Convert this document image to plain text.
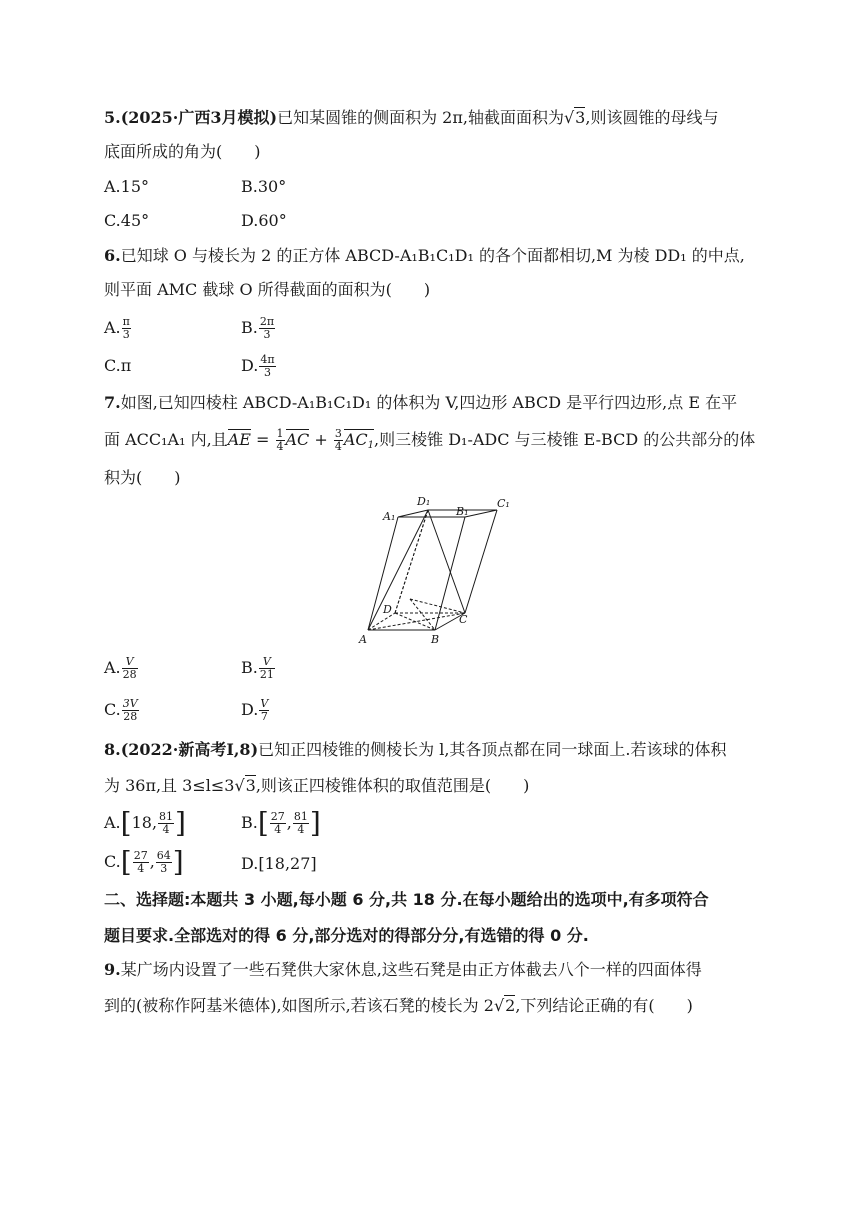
5.(2025·广西3月模拟)已知某圆锥的侧面积为 2π,轴截面面积为√3,则该圆锥的母线与
底面所成的角为(　　)
A.15°	B.30°
C.45°	D.60°
6.已知球 O 与棱长为 2 的正方体 ABCD-A₁B₁C₁D₁ 的各个面都相切,M 为棱 DD₁ 的中点,
则平面 AMC 截球 O 所得截面的面积为(　　)
A. $\frac{\pi}{3}$	B. $\frac{2\pi}{3}$
C.π	D. $\frac{4\pi}{3}$
7.如图,已知四棱柱 ABCD-A₁B₁C₁D₁ 的体积为 V,四边形 ABCD 是平行四边形,点 E 在平
面 ACC₁A₁ 内,且AE = $\frac{1}{4}$ AC + $\frac{3}{4} AC_1$,则三棱锥 D₁-ADC 与三棱锥 E-BCD 的公共部分的体
积为(　　)
D₁	C₁
A₁	B₁
D
C
A	B
A. $\frac{V}{28}$	B. $\frac{V}{21}$
C. $\frac{3V}{28}$	D. $\frac{V}{7}$
8.(2022·新高考Ⅰ,8)已知正四棱锥的侧棱长为 l,其各顶点都在同一球面上.若该球的体积
为 36π,且 3≤l≤3√3,则该正四棱锥体积的取值范围是(　　)
A.[18, $\frac{81}{4}$ ]	$B.[ \frac{27}{4}$ , $\frac{81}{4}$ ]
$C.[ \frac{27}{4}$ , $\frac{64}{3}$ ]	D.[18,27]
二、选择题:本题共 3 小题,每小题 6 分,共 18 分.在每小题给出的选项中,有多项符合
题目要求.全部选对的得 6 分,部分选对的得部分分,有选错的得 0 分.
9.某广场内设置了一些石凳供大家休息,这些石凳是由正方体截去八个一样的四面体得
到的(被称作阿基米德体),如图所示,若该石凳的棱长为 2√2,下列结论正确的有(　　)
